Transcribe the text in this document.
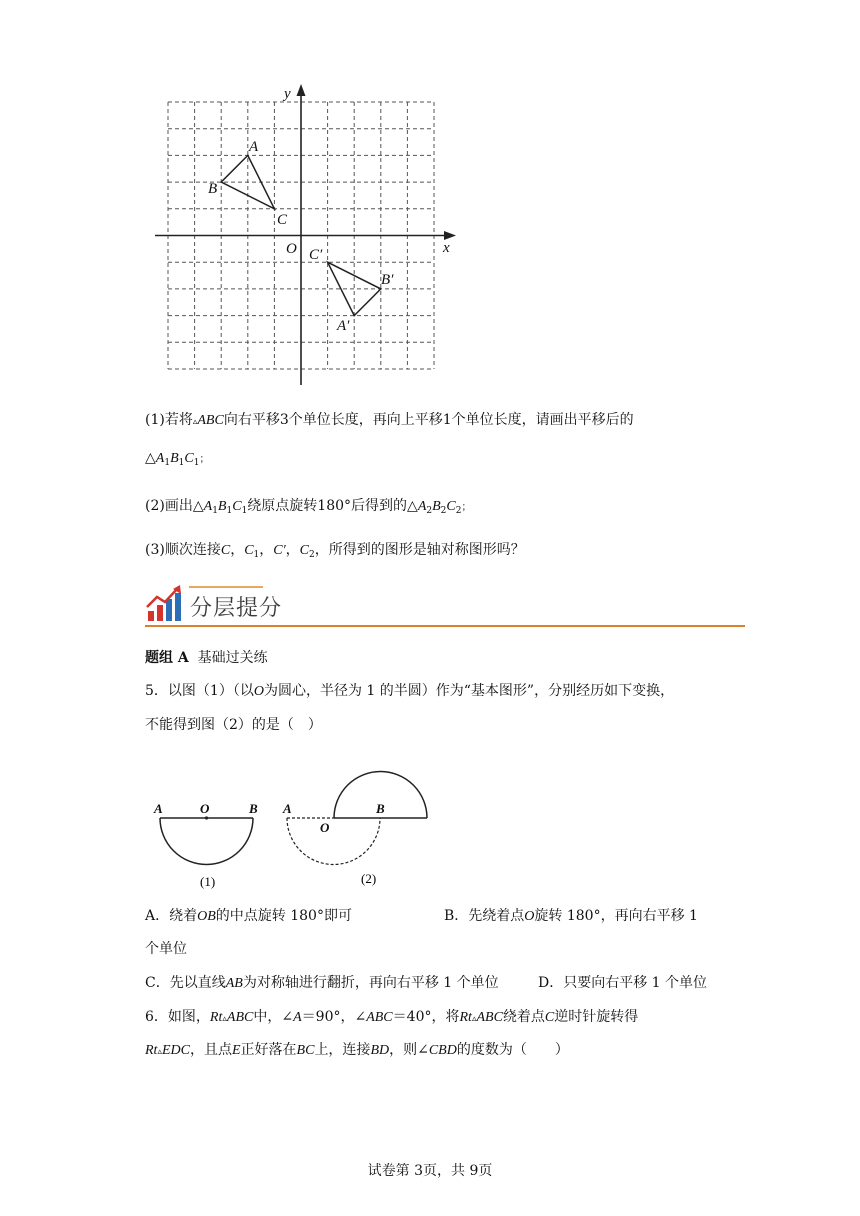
x
y
O
A
B
C
C′
B′
A′
(1)若将▵ABC向右平移3个单位长度，再向上平移1个单位长度，请画出平移后的
$\triangle A_1B_1C_1$；
(2)画出$\triangle A_1B_1C_1$绕原点旋转180°后得到的$\triangle A_2B_2C_2$；
(3)顺次连接C，$C_1$，C′，$C_2$，所得到的图形是轴对称图形吗？
分层提分
题组 A 基础过关练
5．以图（1）（以O为圆心，半径为 1 的半圆）作为“基本图形”，分别经历如下变换，
不能得到图（2）的是（　）
A	O	B
(1)
A
O
B
(2)
A．绕着OB的中点旋转 180°即可	B．先绕着点O旋转 180°，再向右平移 1
个单位
C．先以直线AB为对称轴进行翻折，再向右平移 1 个单位	D．只要向右平移 1 个单位
6．如图，Rt▵ABC中，∠A＝90°，∠ABC＝40°，将Rt▵ABC绕着点C逆时针旋转得
Rt▵EDC，且点E正好落在BC上，连接BD，则∠CBD的度数为（　　）
试卷第 3页，共 9页
